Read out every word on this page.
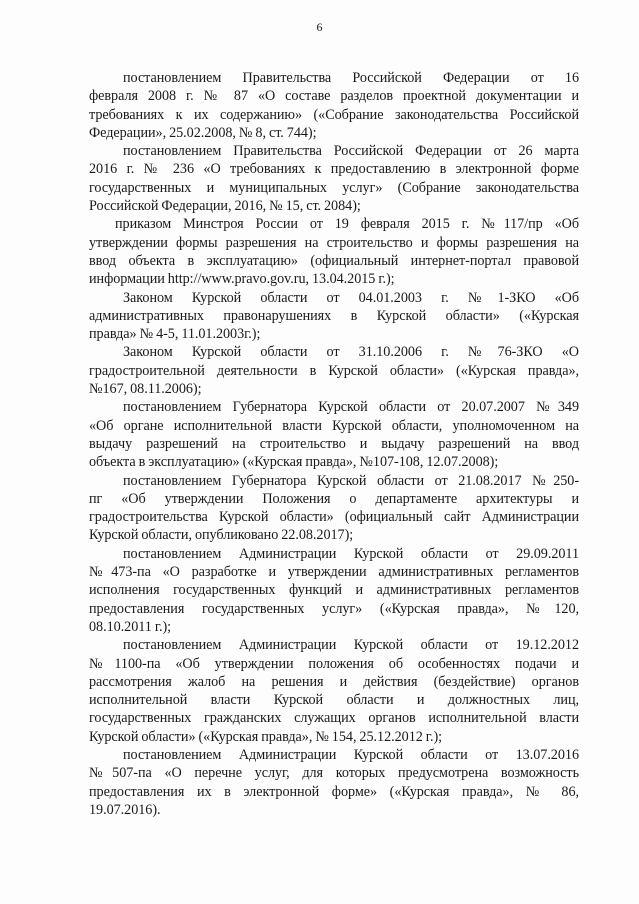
6

постановлением Правительства Российской Федерации от 16
февраля 2008 г. № 87 «О составе разделов проектной документации и
требованиях к их содержанию» («Собрание законодательства Российской
Федерации», 25.02.2008, № 8, ст. 744);

постановлением Правительства Российской Федерации от 26 марта
2016 г. № 236 «О требованиях к предоставлению в электронной форме
государственных и муниципальных услуг» (Собрание законодательства
Российской Федерации, 2016, № 15, ст. 2084);

приказом Минстроя России от 19 февраля 2015 г. №117/пр «Об
утверждении формы разрешения на строительство и формы разрешения на
ввод объекта в эксплуатацию» (официальный интернет-портал правовой
информации http://www.pravo.gov.ru, 13.04.2015 г.);

Законом Курской области от 04.01.2003 г. №1-ЗКО «Об
административных правонарушениях в Курской области» («Курская
правда» № 4-5, 11.01.2003г.);

Законом Курской области от 31.10.2006 г. №76-ЗКО «О
градостроительной деятельности в Курской области» («Курская правда»,
№167, 08.11.2006);

постановлением Губернатора Курской области от 20.07.2007 №349
«Об органе исполнительной власти Курской области, уполномоченном на
выдачу разрешений на строительство и выдачу разрешений на ввод
объекта в эксплуатацию» («Курская правда», №107-108, 12.07.2008);

постановлением Губернатора Курской области от 21.08.2017 №250-
пг «Об утверждении Положения о департаменте архитектуры и
градостроительства Курской области» (официальный сайт Администрации
Курской области, опубликовано 22.08.2017);

постановлением Администрации Курской области от 29.09.2011
№473-па «О разработке и утверждении административных регламентов
исполнения государственных функций и административных регламентов
предоставления государственных услуг» («Курская правда», №120,
08.10.2011 г.);

постановлением Администрации Курской области от 19.12.2012
№1100-па «Об утверждении положения об особенностях подачи и
рассмотрения жалоб на решения и действия (бездействие) органов
исполнительной власти Курской области и должностных лиц,
государственных гражданских служащих органов исполнительной власти
Курской области» («Курская правда», № 154, 25.12.2012 г.);

постановлением Администрации Курской области от 13.07.2016
№507-па «О перечне услуг, для которых предусмотрена возможность
предоставления их в электронной форме» («Курская правда», № 86,
19.07.2016).
